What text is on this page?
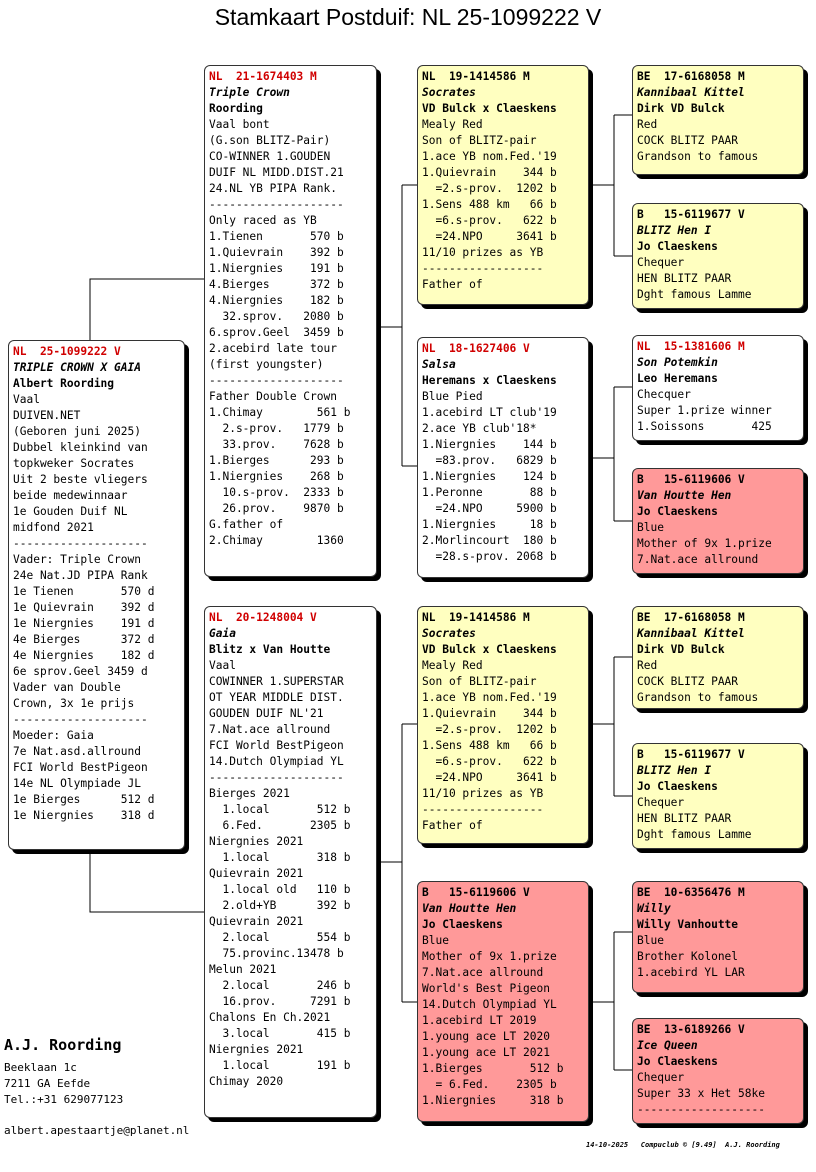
Stamkaart Postduif: NL 25-1099222 V
NL  25-1099222 V
TRIPLE CROWN X GAIA
Albert Roording
Vaal
DUIVEN.NET
(Geboren juni 2025)
Dubbel kleinkind van
topkweker Socrates
Uit 2 beste vliegers
beide medewinnaar
1e Gouden Duif NL
midfond 2021
--------------------
Vader: Triple Crown
24e Nat.JD PIPA Rank
1e Tienen       570 d
1e Quievrain    392 d
1e Niergnies    191 d
4e Bierges      372 d
4e Niergnies    182 d
6e sprov.Geel 3459 d
Vader van Double
Crown, 3x 1e prijs
--------------------
Moeder: Gaia
7e Nat.asd.allround
FCI World BestPigeon
14e NL Olympiade JL
1e Bierges      512 d
1e Niergnies    318 d
NL  21-1674403 M
Triple Crown
Roording
Vaal bont
(G.son BLITZ-Pair)
CO-WINNER 1.GOUDEN
DUIF NL MIDD.DIST.21
24.NL YB PIPA Rank.
--------------------
Only raced as YB
1.Tienen       570 b
1.Quievrain    392 b
1.Niergnies    191 b
4.Bierges      372 b
4.Niergnies    182 b
32.sprov.   2080 b
6.sprov.Geel  3459 b
2.acebird late tour
(first youngster)
--------------------
Father Double Crown
1.Chimay        561 b
2.s-prov.   1779 b
33.prov.    7628 b
1.Bierges      293 b
1.Niergnies    268 b
10.s-prov.  2333 b
26.prov.    9870 b
G.father of
2.Chimay        1360
NL  20-1248004 V
Gaia
Blitz x Van Houtte
Vaal
COWINNER 1.SUPERSTAR
OT YEAR MIDDLE DIST.
GOUDEN DUIF NL'21
7.Nat.ace allround
FCI World BestPigeon
14.Dutch Olympiad YL
--------------------
Bierges 2021
1.local       512 b
6.Fed.       2305 b
Niergnies 2021
1.local       318 b
Quievrain 2021
1.local old   110 b
2.old+YB      392 b
Quievrain 2021
2.local       554 b
75.provinc.13478 b
Melun 2021
2.local       246 b
16.prov.     7291 b
Chalons En Ch.2021
3.local       415 b
Niergnies 2021
1.local       191 b
Chimay 2020
NL  19-1414586 M
Socrates
VD Bulck x Claeskens
Mealy Red
Son of BLITZ-pair
1.ace YB nom.Fed.'19
1.Quievrain    344 b
=2.s-prov.  1202 b
1.Sens 488 km   66 b
=6.s-prov.   622 b
=24.NPO     3641 b
11/10 prizes as YB
------------------
Father of
NL  18-1627406 V
Salsa
Heremans x Claeskens
Blue Pied
1.acebird LT club'19
2.ace YB club'18*
1.Niergnies    144 b
=83.prov.   6829 b
1.Niergnies    124 b
1.Peronne       88 b
=24.NPO     5900 b
1.Niergnies     18 b
2.Morlincourt  180 b
=28.s-prov. 2068 b
NL  19-1414586 M
Socrates
VD Bulck x Claeskens
Mealy Red
Son of BLITZ-pair
1.ace YB nom.Fed.'19
1.Quievrain    344 b
=2.s-prov.  1202 b
1.Sens 488 km   66 b
=6.s-prov.   622 b
=24.NPO     3641 b
11/10 prizes as YB
------------------
Father of
B   15-6119606 V
Van Houtte Hen
Jo Claeskens
Blue
Mother of 9x 1.prize
7.Nat.ace allround
World's Best Pigeon
14.Dutch Olympiad YL
1.acebird LT 2019
1.young ace LT 2020
1.young ace LT 2021
1.Bierges       512 b
= 6.Fed.    2305 b
1.Niergnies     318 b
BE  17-6168058 M
Kannibaal Kittel
Dirk VD Bulck
Red
COCK BLITZ PAAR
Grandson to famous
B   15-6119677 V
BLITZ Hen I
Jo Claeskens
Chequer
HEN BLITZ PAAR
Dght famous Lamme
NL  15-1381606 M
Son Potemkin
Leo Heremans
Checquer
Super 1.prize winner
1.Soissons       425
B   15-6119606 V
Van Houtte Hen
Jo Claeskens
Blue
Mother of 9x 1.prize
7.Nat.ace allround
BE  17-6168058 M
Kannibaal Kittel
Dirk VD Bulck
Red
COCK BLITZ PAAR
Grandson to famous
B   15-6119677 V
BLITZ Hen I
Jo Claeskens
Chequer
HEN BLITZ PAAR
Dght famous Lamme
BE  10-6356476 M
Willy
Willy Vanhoutte
Blue
Brother Kolonel
1.acebird YL LAR
BE  13-6189266 V
Ice Queen
Jo Claeskens
Chequer
Super 33 x Het 58ke
-------------------
A.J. Roording
Beeklaan 1c
7211 GA Eefde
Tel.:+31 629077123
albert.apestaartje@planet.nl
14-10-2025   Compuclub © [9.49]  A.J. Roording
